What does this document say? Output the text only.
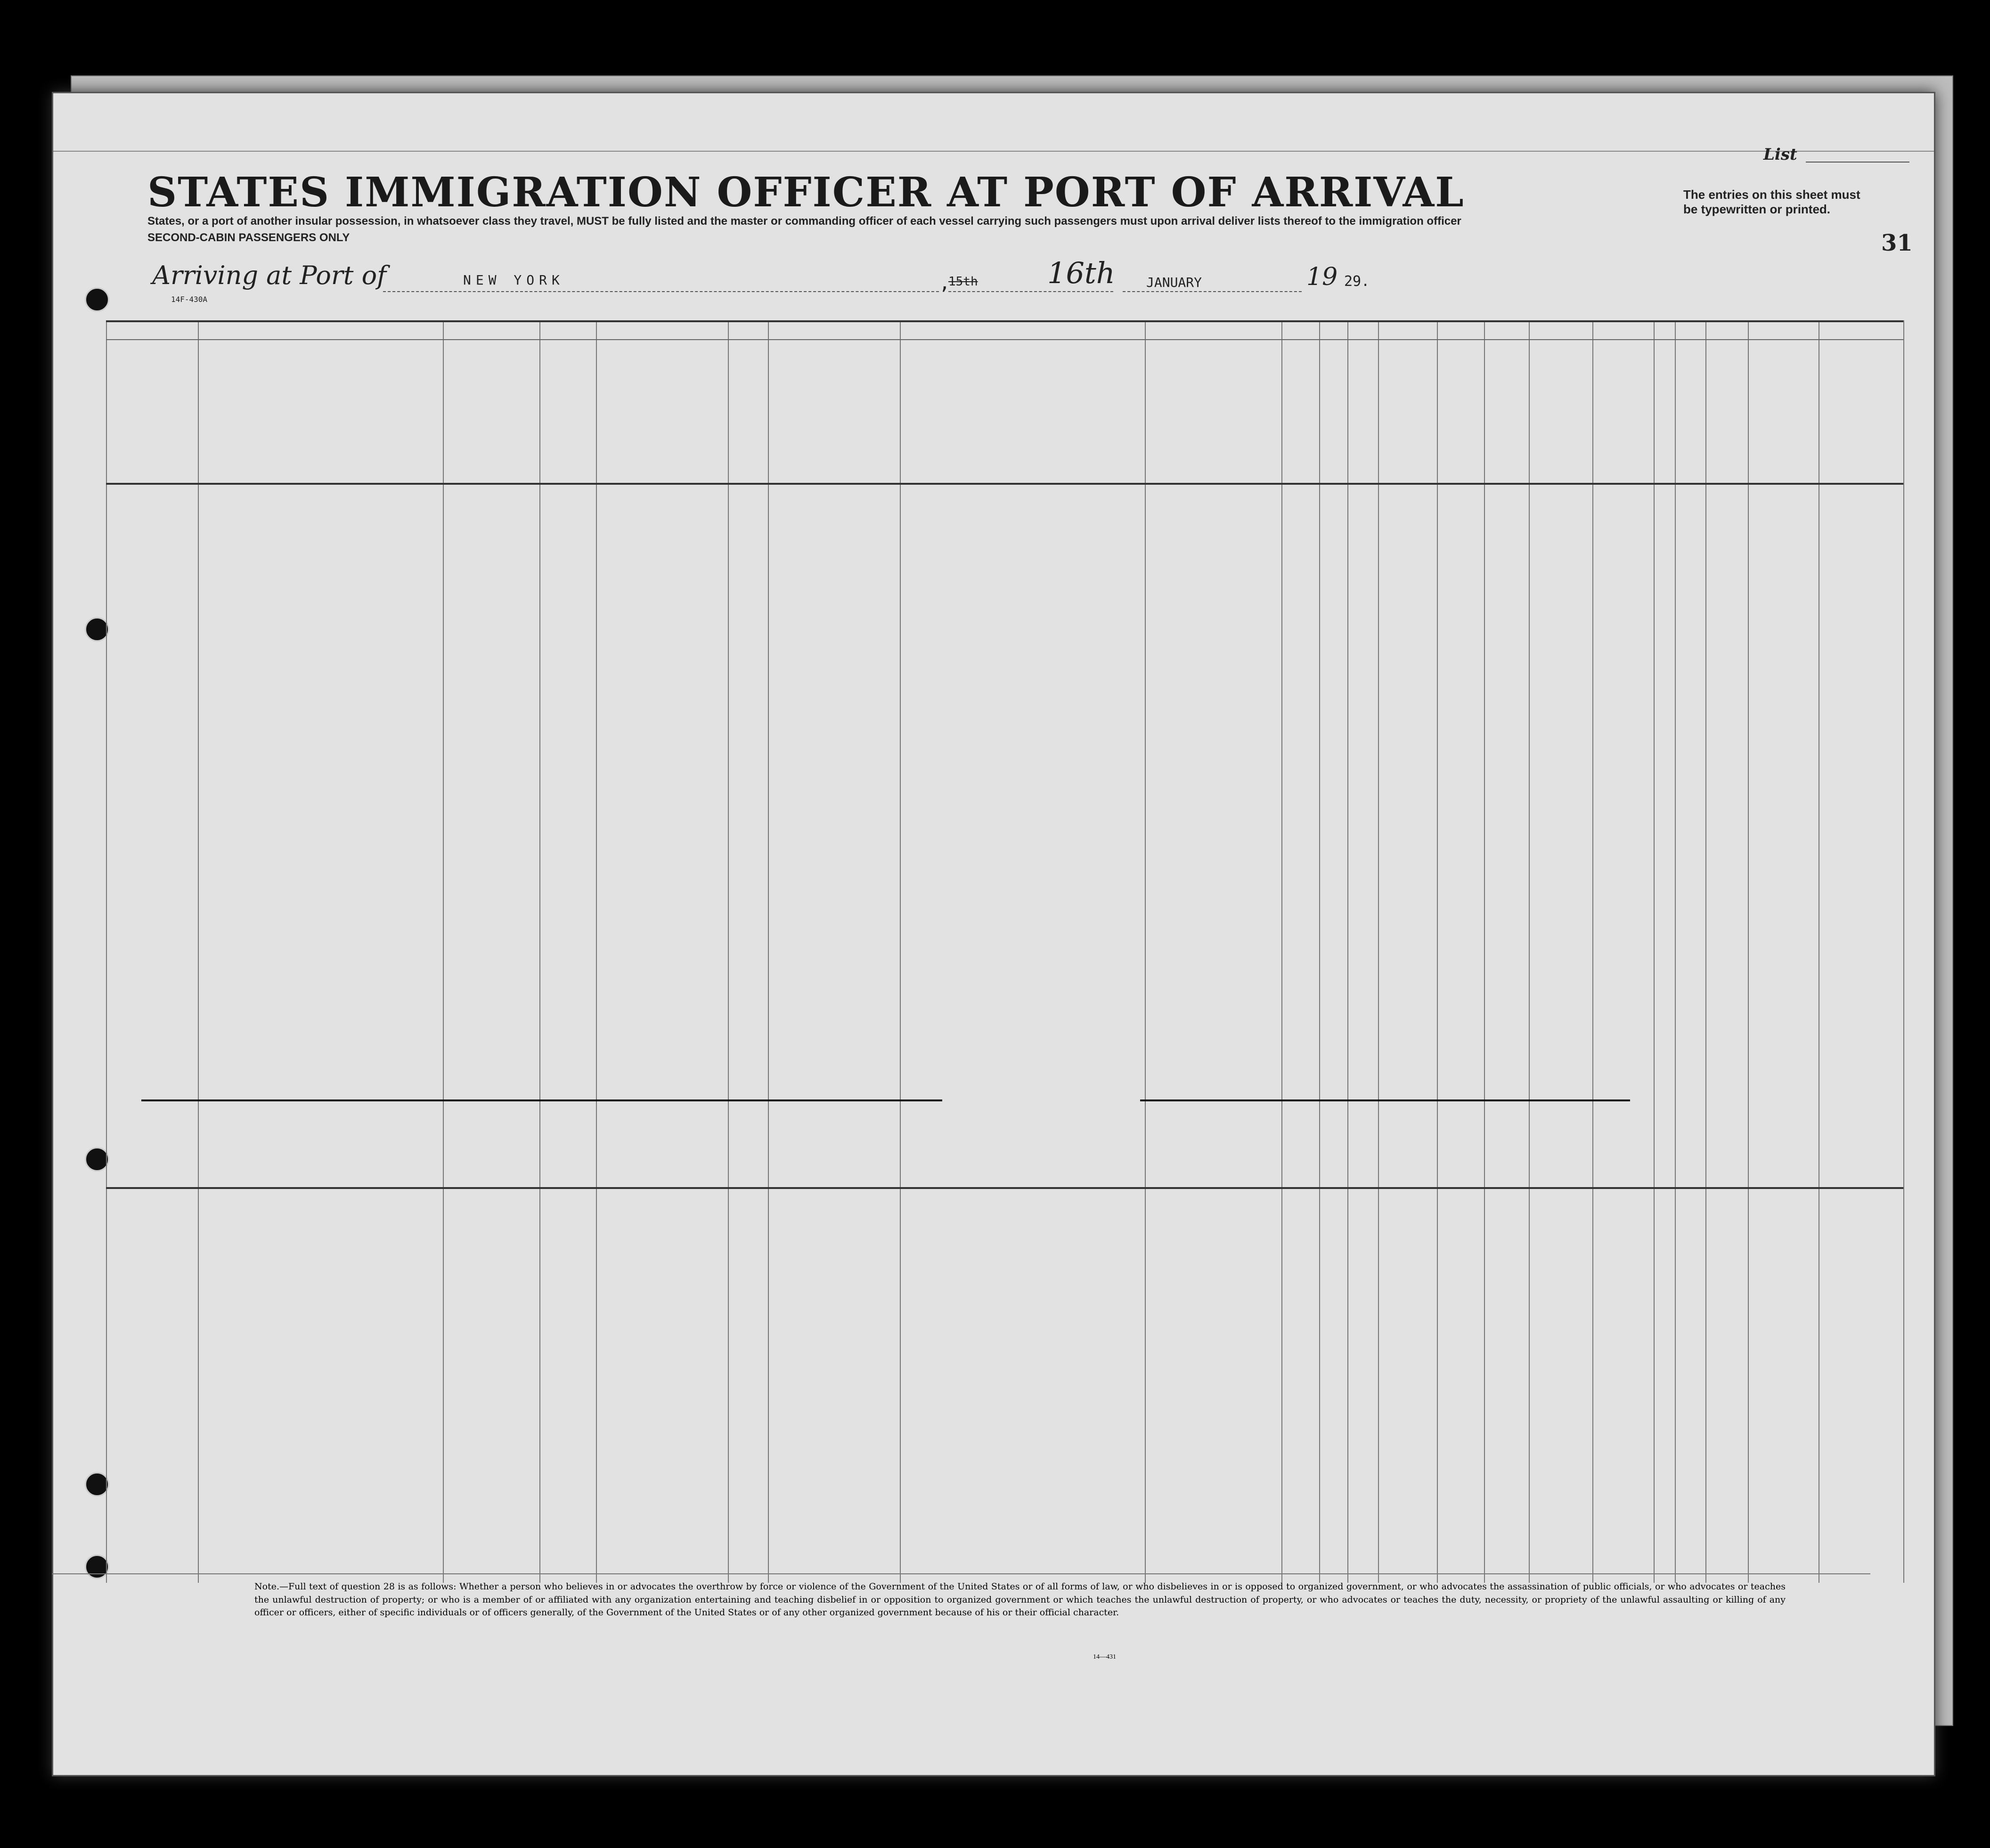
List
STATES IMMIGRATION OFFICER AT PORT OF ARRIVAL
States, or a port of another insular possession, in whatsoever class they travel, MUST be fully listed and the master or commanding officer of each vessel carrying such passengers must upon arrival deliver lists thereof to the immigration officer
SECOND-CABIN PASSENGERS ONLY
The entries on this sheet must be typewritten or printed.
31
Arriving at Port of	NEW YORK	,	16th
15th	JANUARY	19 29.
14F-430A
Note.—Full text of question 28 is as follows: Whether a person who believes in or advocates the overthrow by force or violence of the Government of the United States or of all forms of law, or who disbelieves in or is opposed to organized government, or who advocates the assassination of public officials, or who advocates or teaches the unlawful destruction of property; or who is a member of or affiliated with any organization entertaining and teaching disbelief in or opposition to organized government or which teaches the unlawful destruction of property, or who advocates or teaches the duty, necessity, or propriety of the unlawful assaulting or killing of any officer or officers, either of specific individuals or of officers generally, of the Government of the United States or of any other organized government because of his or their official character.
14—431
